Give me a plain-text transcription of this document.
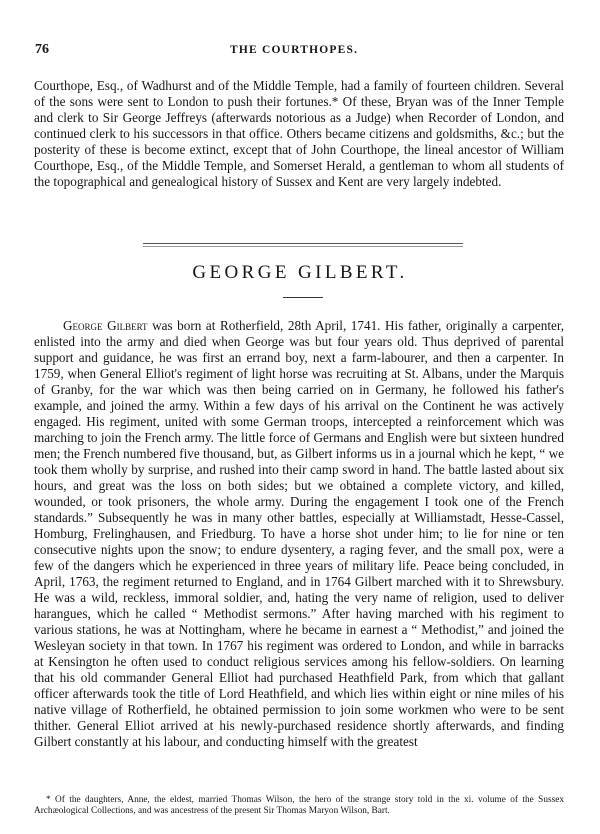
76	THE COURTHOPES.

Courthope, Esq., of Wadhurst and of the Middle Temple, had a family of fourteen children. Several of the sons were sent to London to push their fortunes.* Of these, Bryan was of the Inner Temple and clerk to Sir George Jeffreys (afterwards notorious as a Judge) when Recorder of London, and continued clerk to his successors in that office. Others became citizens and goldsmiths, &c.; but the posterity of these is become extinct, except that of John Courthope, the lineal ancestor of William Courthope, Esq., of the Middle Temple, and Somerset Herald, a gentleman to whom all students of the topographical and genealogical history of Sussex and Kent are very largely indebted.

GEORGE GILBERT.

George Gilbert was born at Rotherfield, 28th April, 1741. His father, originally a carpenter, enlisted into the army and died when George was but four years old. Thus deprived of parental support and guidance, he was first an errand boy, next a farm-labourer, and then a carpenter. In 1759, when General Elliot's regiment of light horse was recruiting at St. Albans, under the Marquis of Granby, for the war which was then being carried on in Germany, he followed his father's example, and joined the army. Within a few days of his arrival on the Continent he was actively engaged. His regiment, united with some German troops, intercepted a reinforcement which was marching to join the French army. The little force of Germans and English were but sixteen hundred men; the French numbered five thousand, but, as Gilbert informs us in a journal which he kept, “ we took them wholly by surprise, and rushed into their camp sword in hand. The battle lasted about six hours, and great was the loss on both sides; but we obtained a complete victory, and killed, wounded, or took prisoners, the whole army. During the engagement I took one of the French standards.” Subsequently he was in many other battles, especially at Williamstadt, Hesse-Cassel, Homburg, Frelinghausen, and Friedburg. To have a horse shot under him; to lie for nine or ten consecutive nights upon the snow; to endure dysentery, a raging fever, and the small pox, were a few of the dangers which he experienced in three years of military life. Peace being concluded, in April, 1763, the regiment returned to England, and in 1764 Gilbert marched with it to Shrewsbury. He was a wild, reckless, immoral soldier, and, hating the very name of religion, used to deliver harangues, which he called “ Methodist sermons.” After having marched with his regiment to various stations, he was at Nottingham, where he became in earnest a “ Methodist,” and joined the Wesleyan society in that town. In 1767 his regiment was ordered to London, and while in barracks at Kensington he often used to conduct religious services among his fellow-soldiers. On learning that his old commander General Elliot had purchased Heathfield Park, from which that gallant officer afterwards took the title of Lord Heathfield, and which lies within eight or nine miles of his native village of Rotherfield, he obtained permission to join some workmen who were to be sent thither. General Elliot arrived at his newly-purchased residence shortly afterwards, and finding Gilbert constantly at his labour, and conducting himself with the greatest

* Of the daughters, Anne, the eldest, married Thomas Wilson, the hero of the strange story told in the xi. volume of the Sussex Archæological Collections, and was ancestress of the present Sir Thomas Maryon Wilson, Bart.
